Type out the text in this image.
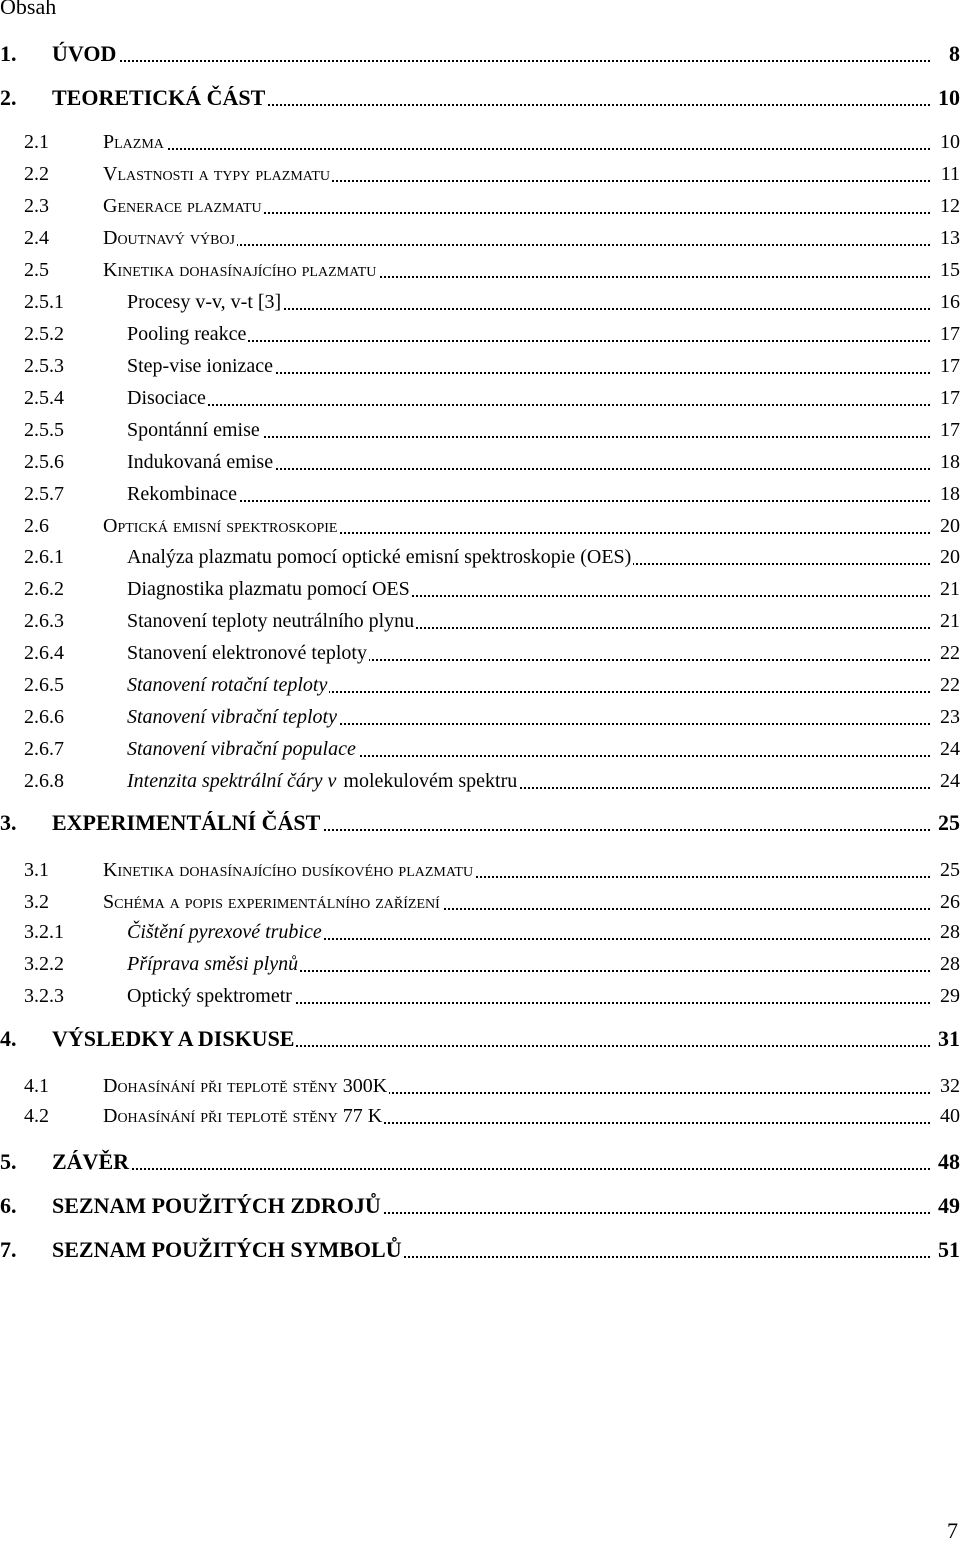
Obsah
1. ÚVOD	8
2. TEORETICKÁ ČÁST	10
2.1	Plazma	10
2.2	Vlastnosti a typy plazmatu	11
2.3	Generace plazmatu	12
2.4	Doutnavý výboj	13
2.5	Kinetika dohasínajícího plazmatu	15
2.5.1	Procesy v-v, v-t [3]	16
2.5.2	Pooling reakce	17
2.5.3	Step-vise ionizace	17
2.5.4	Disociace	17
2.5.5	Spontánní emise	17
2.5.6	Indukovaná emise	18
2.5.7	Rekombinace	18
2.6	Optická emisní spektroskopie	20
2.6.1	Analýza plazmatu pomocí optické emisní spektroskopie (OES)	20
2.6.2	Diagnostika plazmatu pomocí OES	21
2.6.3	Stanovení teploty neutrálního plynu	21
2.6.4	Stanovení elektronové teploty	22
2.6.5	Stanovení rotační teploty	22
2.6.6	Stanovení vibrační teploty	23
2.6.7	Stanovení vibrační populace	24
2.6.8	Intenzita spektrální čáry v molekulovém spektru	24
3. EXPERIMENTÁLNÍ ČÁST	25
3.1	Kinetika dohasínajícího dusíkového plazmatu	25
3.2	Schéma a popis experimentálního zařízení	26
3.2.1	Čištění pyrexové trubice	28
3.2.2	Příprava směsi plynů	28
3.2.3	Optický spektrometr	29
4. VÝSLEDKY A DISKUSE	31
4.1	Dohasínání při teplotě stěny 300K	32
4.2	Dohasínání při teplotě stěny 77 K	40
5. ZÁVĚR	48
6. SEZNAM POUŽITÝCH ZDROJŮ	49
7. SEZNAM POUŽITÝCH SYMBOLŮ	51
7
